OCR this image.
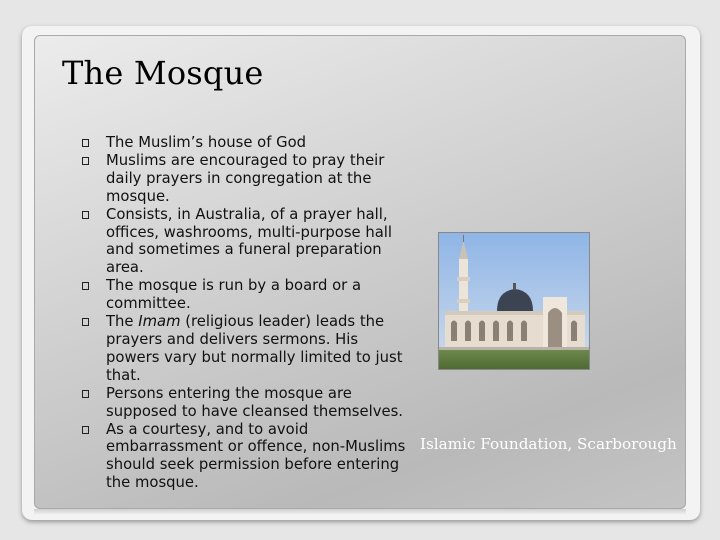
The Mosque
The Muslim’s house of God
Muslims are encouraged to pray their daily prayers in congregation at the mosque.
Consists, in Australia, of a prayer hall, offices, washrooms, multi-purpose hall and sometimes a funeral preparation area.
The mosque is run by a board or a committee.
The Imam (religious leader) leads the prayers and delivers sermons. His powers vary but normally limited to just that.
Persons entering the mosque are supposed to have cleansed themselves.
As a courtesy, and to avoid embarrassment or offence, non-Muslims should seek permission before entering the mosque.
Islamic Foundation, Scarborough
